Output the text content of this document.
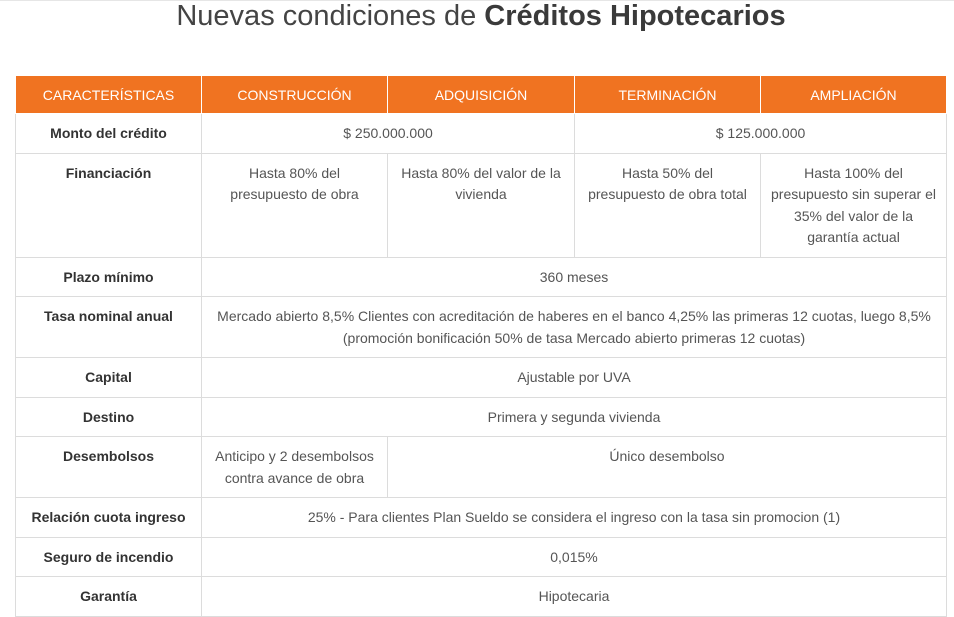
Nuevas condiciones de Créditos Hipotecarios
CARACTERÍSTICAS	CONSTRUCCIÓN	ADQUISICIÓN	TERMINACIÓN	AMPLIACIÓN
Monto del crédito	$ 250.000.000		$ 125.000.000	
Financiación	Hasta 80% del presupuesto de obra	Hasta 80% del valor de la vivienda	Hasta 50% del presupuesto de obra total	Hasta 100% del presupuesto sin superar el 35% del valor de la garantía actual
Plazo mínimo	360 meses			
Tasa nominal anual	Mercado abierto 8,5% Clientes con acreditación de haberes en el banco 4,25% las primeras 12 cuotas, luego 8,5% (promoción bonificación 50% de tasa Mercado abierto primeras 12 cuotas)			
Capital	Ajustable por UVA			
Destino	Primera y segunda vivienda			
Desembolsos	Anticipo y 2 desembolsos contra avance de obra	Único desembolso		
Relación cuota ingreso	25% - Para clientes Plan Sueldo se considera el ingreso con la tasa sin promocion (1)			
Seguro de incendio	0,015%			
Garantía	Hipotecaria			
